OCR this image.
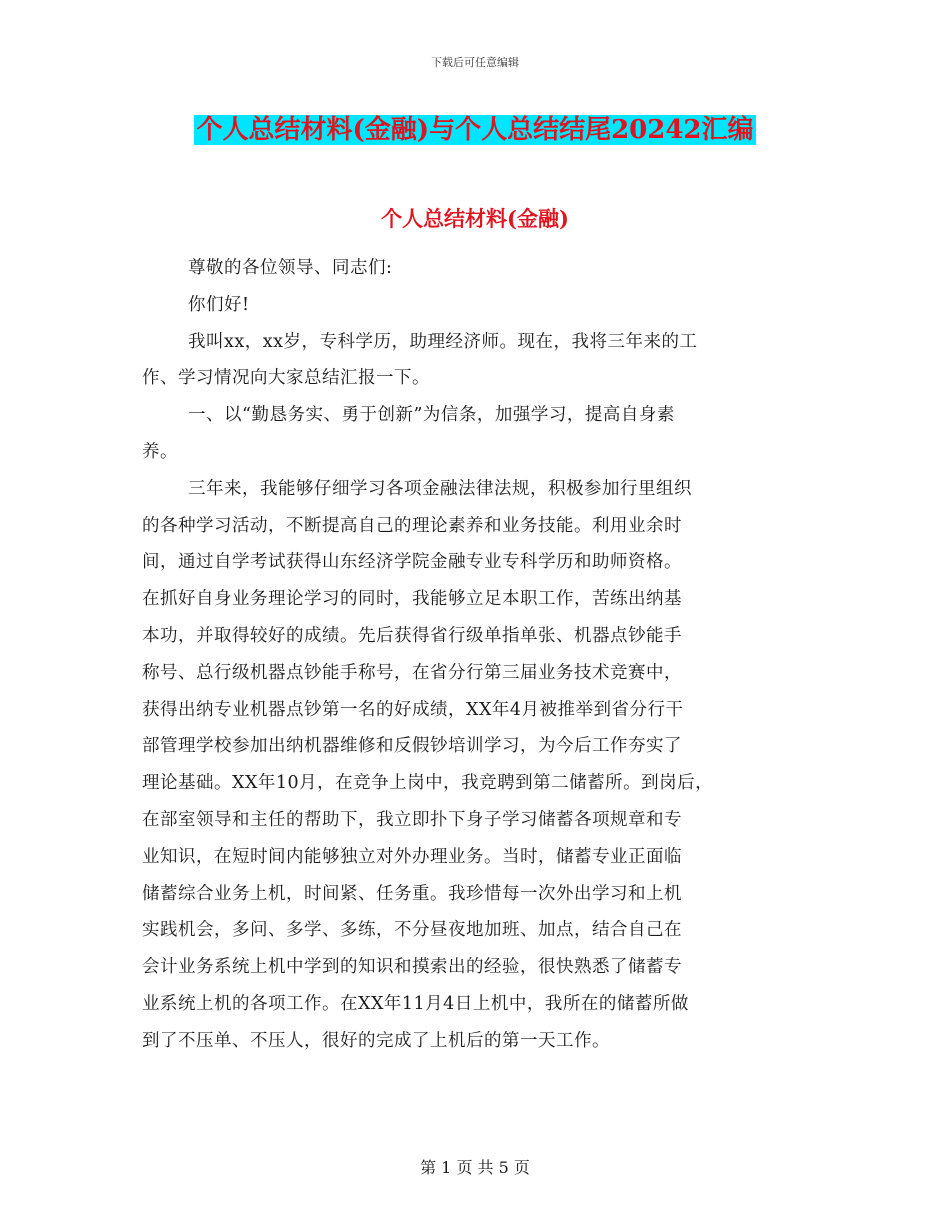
下载后可任意编辑
个人总结材料(金融)与个人总结结尾20242汇编
个人总结材料(金融)
尊敬的各位领导、同志们:
你们好!
我叫xx，xx岁，专科学历，助理经济师。现在，我将三年来的工
作、学习情况向大家总结汇报一下。
一、以“勤恳务实、勇于创新”为信条，加强学习，提高自身素
养。
三年来，我能够仔细学习各项金融法律法规，积极参加行里组织
的各种学习活动，不断提高自己的理论素养和业务技能。利用业余时
间，通过自学考试获得山东经济学院金融专业专科学历和助师资格。
在抓好自身业务理论学习的同时，我能够立足本职工作，苦练出纳基
本功，并取得较好的成绩。先后获得省行级单指单张、机器点钞能手
称号、总行级机器点钞能手称号，在省分行第三届业务技术竞赛中，
获得出纳专业机器点钞第一名的好成绩，XX年4月被推举到省分行干
部管理学校参加出纳机器维修和反假钞培训学习，为今后工作夯实了
理论基础。XX年10月，在竞争上岗中，我竞聘到第二储蓄所。到岗后，
在部室领导和主任的帮助下，我立即扑下身子学习储蓄各项规章和专
业知识，在短时间内能够独立对外办理业务。当时，储蓄专业正面临
储蓄综合业务上机，时间紧、任务重。我珍惜每一次外出学习和上机
实践机会，多问、多学、多练，不分昼夜地加班、加点，结合自己在
会计业务系统上机中学到的知识和摸索出的经验，很快熟悉了储蓄专
业系统上机的各项工作。在XX年11月4日上机中，我所在的储蓄所做
到了不压单、不压人，很好的完成了上机后的第一天工作。
第 1 页 共 5 页
